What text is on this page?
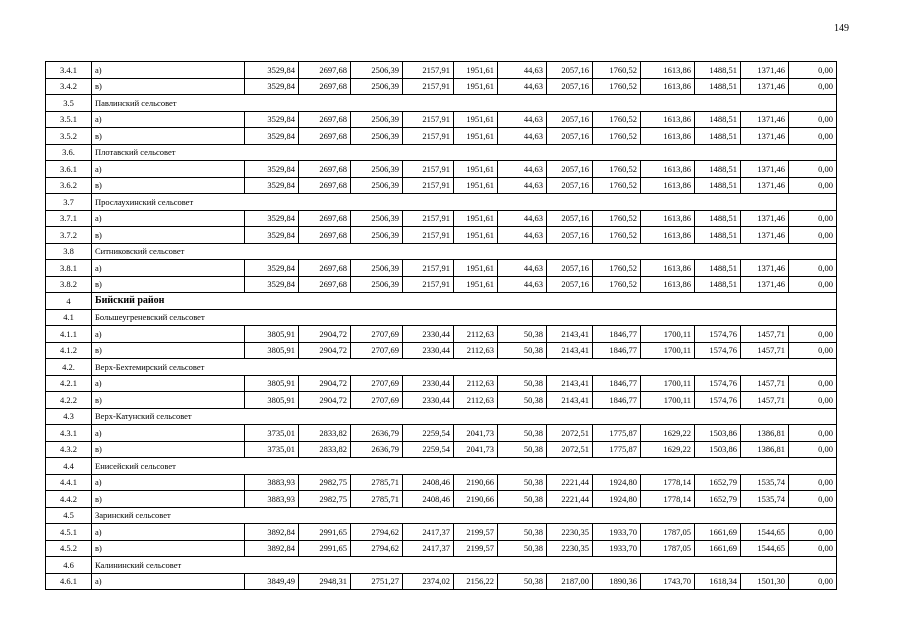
149
3.4.1	а)	3529,84	2697,68	2506,39	2157,91	1951,61	44,63	2057,16	1760,52	1613,86	1488,51	1371,46	0,00
3.4.2	в)	3529,84	2697,68	2506,39	2157,91	1951,61	44,63	2057,16	1760,52	1613,86	1488,51	1371,46	0,00
3.5	Павлинский сельсовет												
3.5.1	а)	3529,84	2697,68	2506,39	2157,91	1951,61	44,63	2057,16	1760,52	1613,86	1488,51	1371,46	0,00
3.5.2	в)	3529,84	2697,68	2506,39	2157,91	1951,61	44,63	2057,16	1760,52	1613,86	1488,51	1371,46	0,00
3.6.	Плотавский сельсовет												
3.6.1	а)	3529,84	2697,68	2506,39	2157,91	1951,61	44,63	2057,16	1760,52	1613,86	1488,51	1371,46	0,00
3.6.2	в)	3529,84	2697,68	2506,39	2157,91	1951,61	44,63	2057,16	1760,52	1613,86	1488,51	1371,46	0,00
3.7	Прослаухинский сельсовет												
3.7.1	а)	3529,84	2697,68	2506,39	2157,91	1951,61	44,63	2057,16	1760,52	1613,86	1488,51	1371,46	0,00
3.7.2	в)	3529,84	2697,68	2506,39	2157,91	1951,61	44,63	2057,16	1760,52	1613,86	1488,51	1371,46	0,00
3.8	Ситниковский сельсовет												
3.8.1	а)	3529,84	2697,68	2506,39	2157,91	1951,61	44,63	2057,16	1760,52	1613,86	1488,51	1371,46	0,00
3.8.2	в)	3529,84	2697,68	2506,39	2157,91	1951,61	44,63	2057,16	1760,52	1613,86	1488,51	1371,46	0,00
4	Бийский район												
4.1	Большеугреневский сельсовет												
4.1.1	а)	3805,91	2904,72	2707,69	2330,44	2112,63	50,38	2143,41	1846,77	1700,11	1574,76	1457,71	0,00
4.1.2	в)	3805,91	2904,72	2707,69	2330,44	2112,63	50,38	2143,41	1846,77	1700,11	1574,76	1457,71	0,00
4.2.	Верх-Бехтемирский сельсовет												
4.2.1	а)	3805,91	2904,72	2707,69	2330,44	2112,63	50,38	2143,41	1846,77	1700,11	1574,76	1457,71	0,00
4.2.2	в)	3805,91	2904,72	2707,69	2330,44	2112,63	50,38	2143,41	1846,77	1700,11	1574,76	1457,71	0,00
4.3	Верх-Катунский сельсовет												
4.3.1	а)	3735,01	2833,82	2636,79	2259,54	2041,73	50,38	2072,51	1775,87	1629,22	1503,86	1386,81	0,00
4.3.2	в)	3735,01	2833,82	2636,79	2259,54	2041,73	50,38	2072,51	1775,87	1629,22	1503,86	1386,81	0,00
4.4	Енисейский сельсовет												
4.4.1	а)	3883,93	2982,75	2785,71	2408,46	2190,66	50,38	2221,44	1924,80	1778,14	1652,79	1535,74	0,00
4.4.2	в)	3883,93	2982,75	2785,71	2408,46	2190,66	50,38	2221,44	1924,80	1778,14	1652,79	1535,74	0,00
4.5	Заринский сельсовет												
4.5.1	а)	3892,84	2991,65	2794,62	2417,37	2199,57	50,38	2230,35	1933,70	1787,05	1661,69	1544,65	0,00
4.5.2	в)	3892,84	2991,65	2794,62	2417,37	2199,57	50,38	2230,35	1933,70	1787,05	1661,69	1544,65	0,00
4.6	Калининский сельсовет												
4.6.1	а)	3849,49	2948,31	2751,27	2374,02	2156,22	50,38	2187,00	1890,36	1743,70	1618,34	1501,30	0,00
